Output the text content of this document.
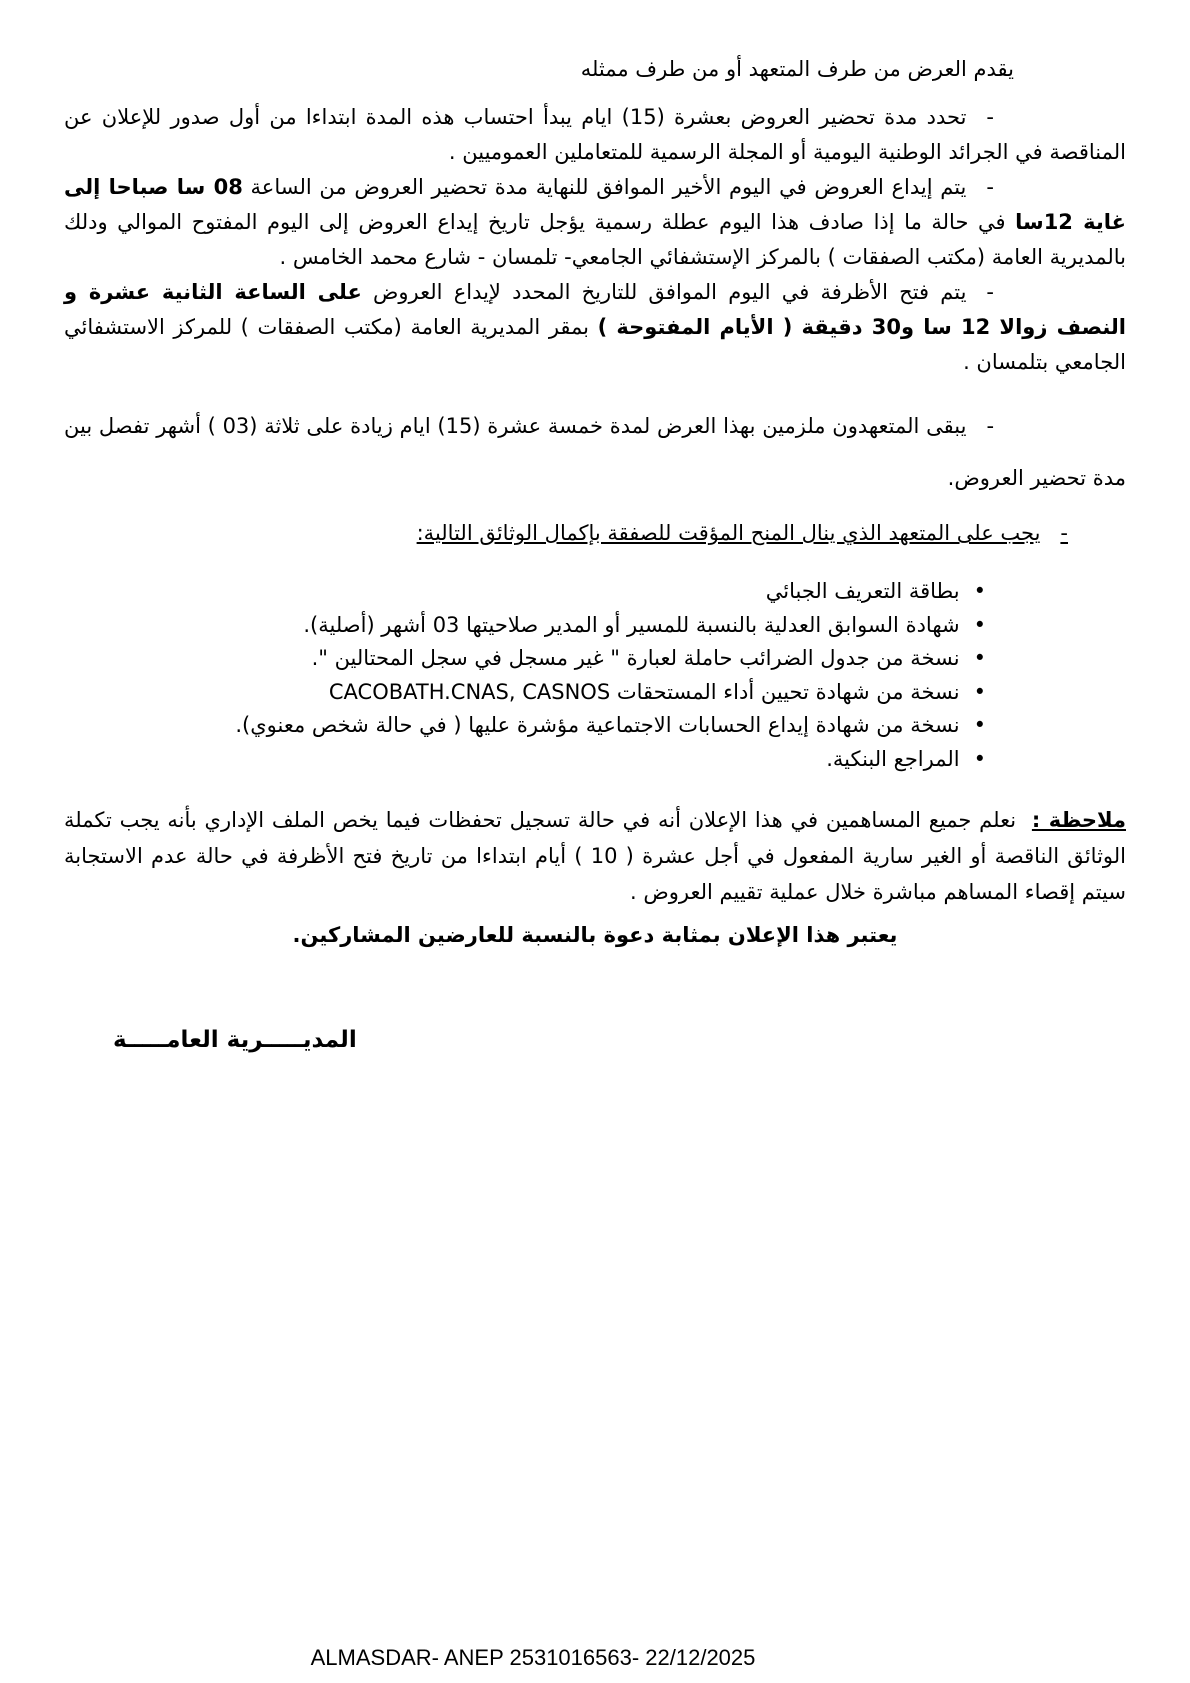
يقدم العرض من طرف المتعهد أو من طرف ممثله

-تحدد مدة تحضير العروض بعشرة (15) ايام يبدأ احتساب هذه المدة ابتداءا من أول صدور للإعلان عن المناقصة في الجرائد الوطنية اليومية أو المجلة الرسمية للمتعاملين العموميين .

-يتم إيداع العروض في اليوم الأخير الموافق للنهاية مدة تحضير العروض من الساعة 08 سا صباحا إلى غاية 12سا في حالة ما إذا صادف هذا اليوم عطلة رسمية يؤجل تاريخ إيداع العروض إلى اليوم المفتوح الموالي ودلك بالمديرية العامة (مكتب الصفقات ) بالمركز الإستشفائي الجامعي- تلمسان - شارع محمد الخامس .

-يتم فتح الأظرفة في اليوم الموافق للتاريخ المحدد لإيداع العروض على الساعة الثانية عشرة و النصف زوالا 12 سا و30 دقيقة ( الأيام المفتوحة ) بمقر المديرية العامة (مكتب الصفقات ) للمركز الاستشفائي الجامعي بتلمسان .

-يبقى المتعهدون ملزمين بهذا العرض لمدة خمسة عشرة (15) ايام زيادة على ثلاثة (03 ) أشهر تفصل بين مدة تحضير العروض.

-يجب على المتعهد الذي ينال المنح المؤقت للصفقة بإكمال الوثائق التالية:

•بطاقة التعريف الجبائي
•شهادة السوابق العدلية بالنسبة للمسير أو المدير صلاحيتها 03 أشهر (أصلية).
•نسخة من جدول الضرائب حاملة لعبارة " غير مسجل في سجل المحتالين ".
•نسخة من شهادة تحيين أداء المستحقات CACOBATH.CNAS, CASNOS
•نسخة من شهادة إيداع الحسابات الاجتماعية مؤشرة عليها ( في حالة شخص معنوي).
•المراجع البنكية.

ملاحظة : نعلم جميع المساهمين في هذا الإعلان أنه في حالة تسجيل تحفظات فيما يخص الملف الإداري بأنه يجب تكملة الوثائق الناقصة أو الغير سارية المفعول في أجل عشرة ( 10 ) أيام ابتداءا من تاريخ فتح الأظرفة في حالة عدم الاستجابة سيتم إقصاء المساهم مباشرة خلال عملية تقييم العروض .

يعتبر هذا الإعلان بمثابة دعوة بالنسبة للعارضين المشاركين.

المديـــــرية العامـــــة

ALMASDAR- ANEP 2531016563- 22/12/2025
